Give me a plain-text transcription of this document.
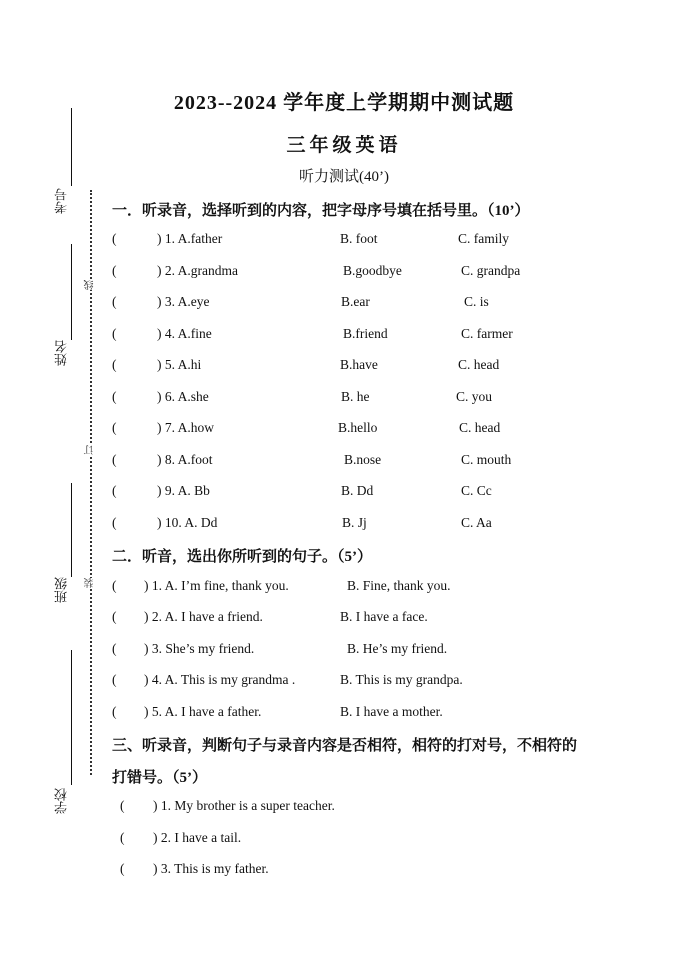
考号
姓名
班级
学校
线
订
装
2023--2024 学年度上学期期中测试题
三年级英语
听力测试(40’)
一．听录音，选择听到的内容，把字母序号填在括号里。（10’）
(	) 1. A.father	B. foot	C. family
(	) 2. A.grandma	B.goodbye	C. grandpa
(	) 3. A.eye	B.ear	C. is
(	) 4. A.fine	B.friend	C. farmer
(	) 5. A.hi	B.have	C. head
(	) 6. A.she	B. he	C. you
(	) 7. A.how	B.hello	C. head
(	) 8. A.foot	B.nose	C. mouth
(	) 9. A. Bb	B. Dd	C. Cc
(	) 10. A. Dd	B. Jj	C. Aa
二．听音，选出你所听到的句子。（5’）
( ) 1. A. I’m fine, thank you.	B. Fine, thank you.
( ) 2. A. I have a friend.	B. I have a face.
( ) 3. She’s my friend.	B. He’s my friend.
( ) 4. A. This is my grandma .	B. This is my grandpa.
( ) 5. A. I have a father.	B. I have a mother.
三、听录音，判断句子与录音内容是否相符，相符的打对号，不相符的
打错号。（5’）
( ) 1. My brother is a super teacher.
( ) 2. I have a tail.
( ) 3. This is my father.
